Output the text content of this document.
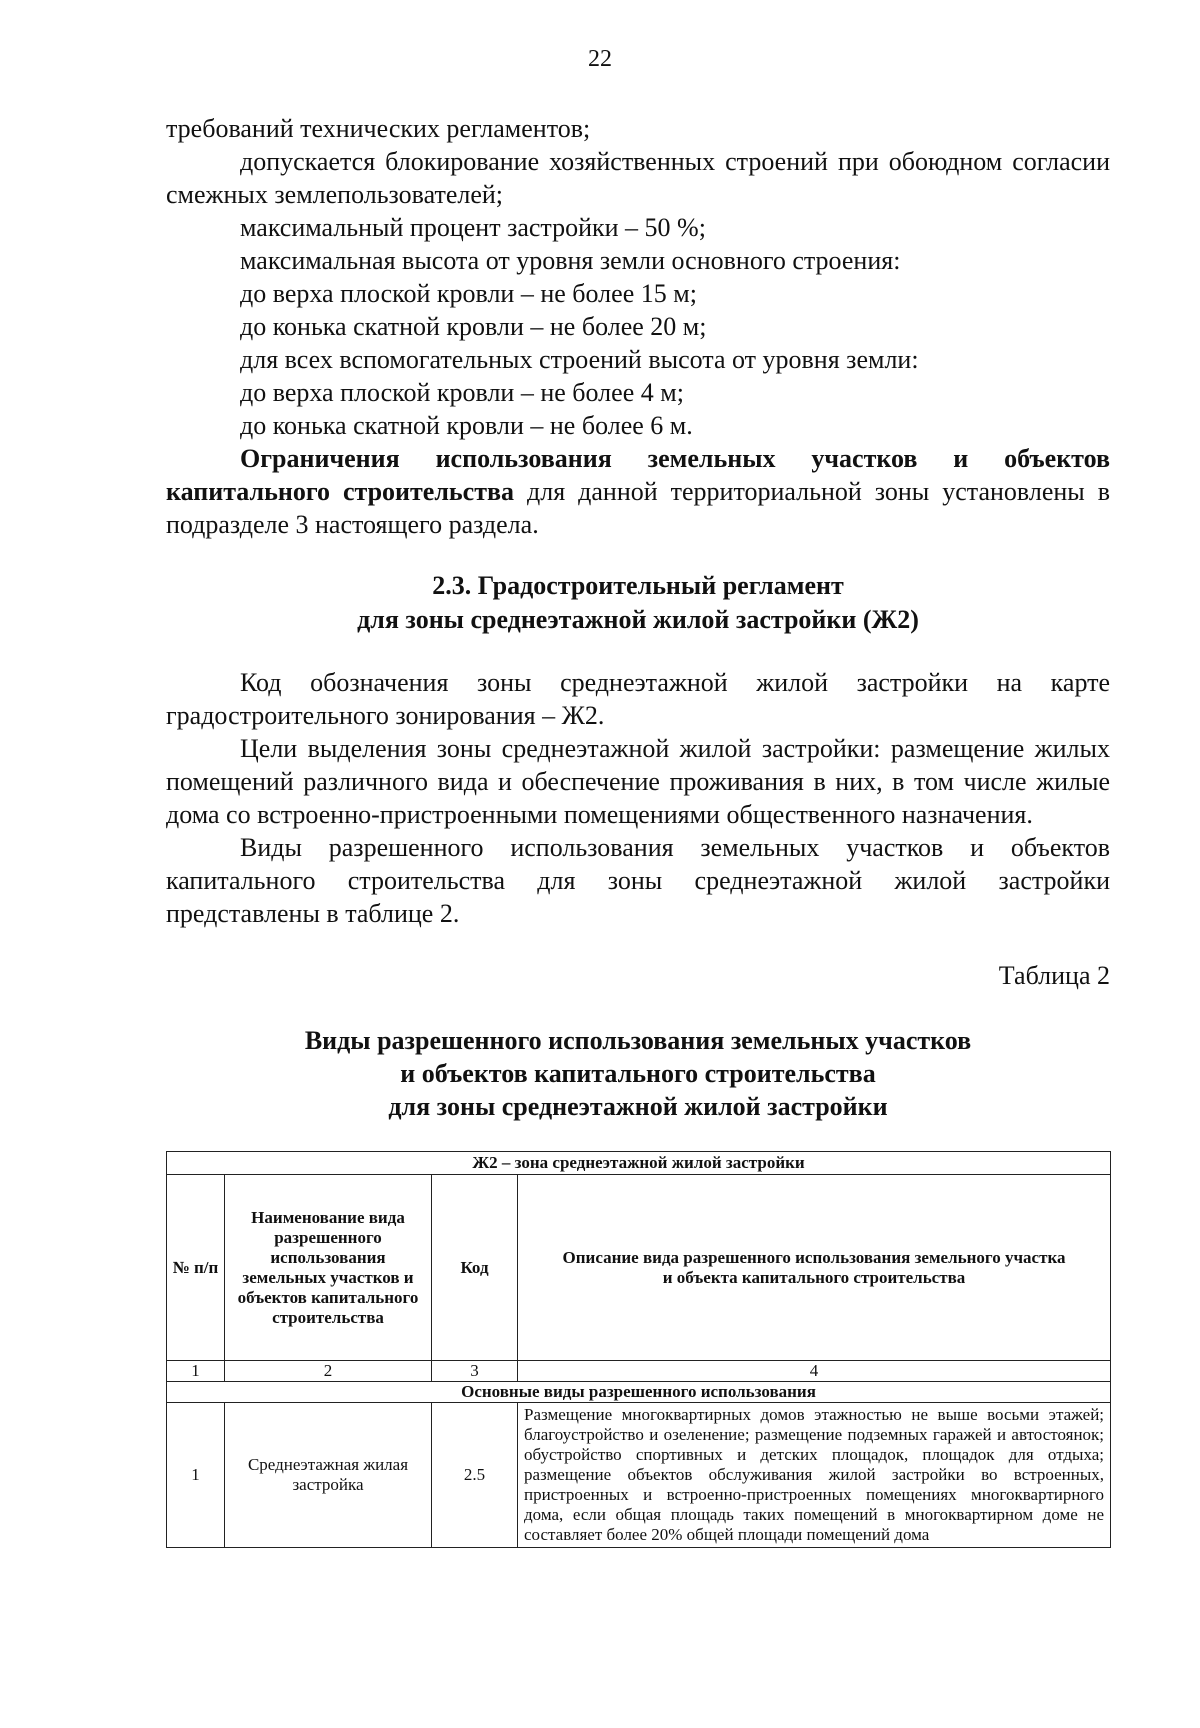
22

требований технических регламентов;

допускается блокирование хозяйственных строений при обоюдном согласии смежных землепользователей;

максимальный процент застройки – 50 %;

максимальная высота от уровня земли основного строения:

до верха плоской кровли – не более 15 м;

до конька скатной кровли – не более 20 м;

для всех вспомогательных строений высота от уровня земли:

до верха плоской кровли – не более 4 м;

до конька скатной кровли – не более 6 м.

Ограничения использования земельных участков и объектов капитального строительства для данной территориальной зоны установлены в подразделе 3 настоящего раздела.

2.3. Градостроительный регламент
для зоны среднеэтажной жилой застройки (Ж2)

Код обозначения зоны среднеэтажной жилой застройки на карте градостроительного зонирования – Ж2.

Цели выделения зоны среднеэтажной жилой застройки: размещение жилых помещений различного вида и обеспечение проживания в них, в том числе жилые дома со встроенно-пристроенными помещениями общественного назначения.

Виды разрешенного использования земельных участков и объектов капитального строительства для зоны среднеэтажной жилой застройки представлены в таблице 2.

Таблица 2
Виды разрешенного использования земельных участков
и объектов капитального строительства
для зоны среднеэтажной жилой застройки
Ж2 – зона среднеэтажной жилой застройки			
№ п/п	Наименование вида разрешенного использования земельных участков и объектов капитального строительства	Код	Описание вида разрешенного использования земельного участка и объекта капитального строительства
1	2	3	4
Основные виды разрешенного использования			
1	Среднеэтажная жилая застройка	2.5	Размещение многоквартирных домов этажностью не выше восьми этажей; благоустройство и озеленение; размещение подземных гаражей и автостоянок; обустройство спортивных и детских площадок, площадок для отдыха; размещение объектов обслуживания жилой застройки во встроенных, пристроенных и встроенно-пристроенных помещениях многоквартирного дома, если общая площадь таких помещений в многоквартирном доме не составляет более 20% общей площади помещений дома
